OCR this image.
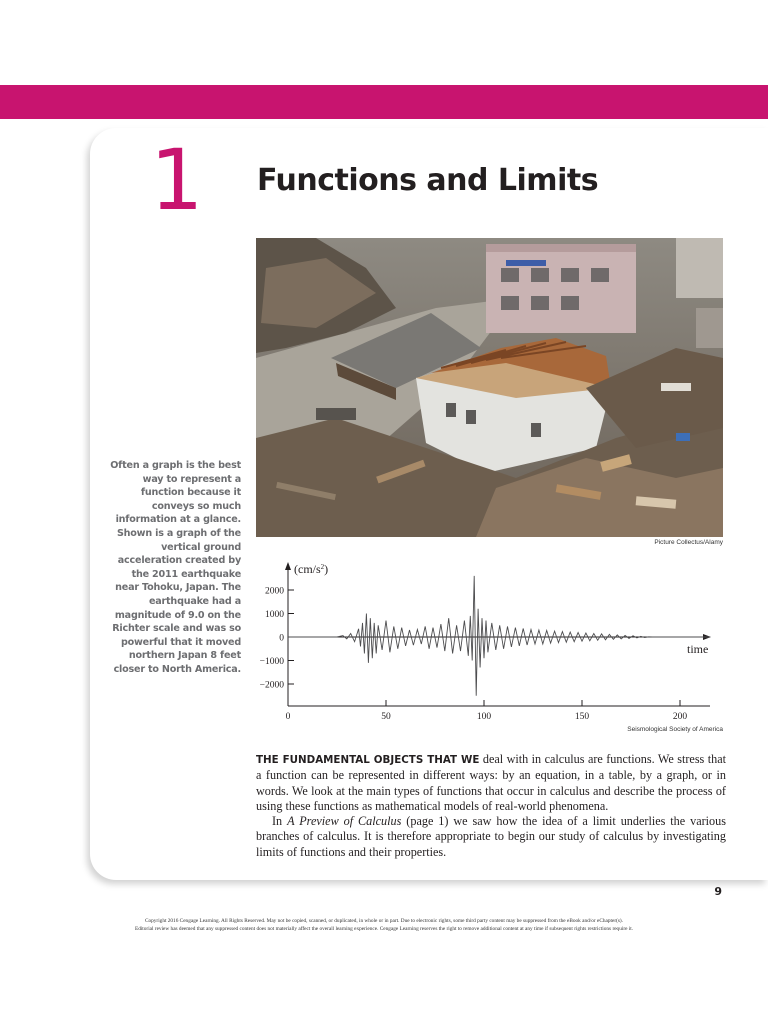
1 Functions and Limits
Picture Collectus/Alamy
Often a graph is the best way to represent a function because it conveys so much information at a glance. Shown is a graph of the vertical ground acceleration created by the 2011 earthquake near Tohoku, Japan. The earthquake had a magnitude of 9.0 on the Richter scale and was so powerful that it moved northern Japan 8 feet closer to North America.
2000
1000
0
−1000
−2000
0	50	100	150	200
$(cm/s^2)$
time
Seismological Society of America

THE FUNDAMENTAL OBJECTS THAT WE deal with in calculus are functions. We stress that a function can be represented in different ways: by an equation, in a table, by a graph, or in words. We look at the main types of functions that occur in calculus and describe the process of using these functions as mathematical models of real-world phenomena.

In A Preview of Calculus (page 1) we saw how the idea of a limit underlies the various branches of calculus. It is therefore appropriate to begin our study of calculus by investigating limits of functions and their properties.

9
Copyright 2016 Cengage Learning. All Rights Reserved. May not be copied, scanned, or duplicated, in whole or in part. Due to electronic rights, some third party content may be suppressed from the eBook and/or eChapter(s).
Editorial review has deemed that any suppressed content does not materially affect the overall learning experience. Cengage Learning reserves the right to remove additional content at any time if subsequent rights restrictions require it.
